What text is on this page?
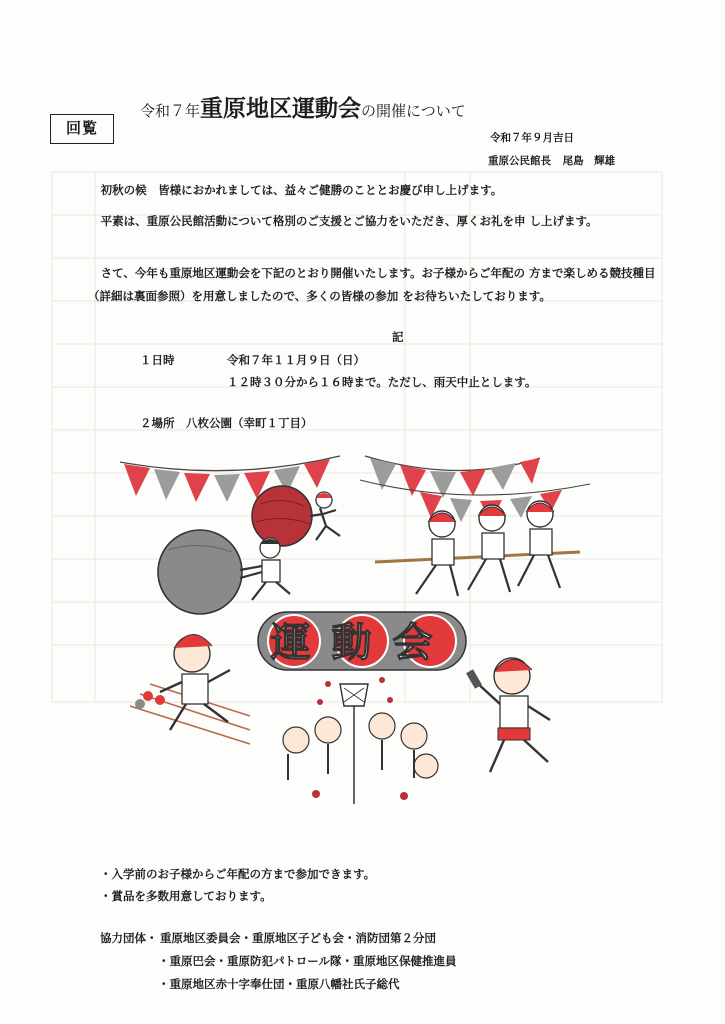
回覧
令和７年重原地区運動会の開催について
令和７年９月吉日
重原公民館長 尾島　輝雄
初秋の候　皆様におかれましては、益々ご健勝のこととお慶び申し上げます。
平素は、重原公民館活動について格別のご支援とご協力をいただき、厚くお礼を申 し上げます。
さて、今年も重原地区運動会を下記のとおり開催いたします。お子様からご年配の 方まで楽しめる競技種目（詳細は裏面参照）を用意しましたので、多くの皆様の参加 をお待ちいたしております。
記
１日時	令和７年１１月９日（日）
１２時３０分から１６時まで。ただし、雨天中止とします。
２場所 八枚公園（幸町１丁目）
運動会
・入学前のお子様からご年配の方まで参加できます。
・賞品を多数用意しております。
協力団体・ 重原地区委員会・重原地区子ども会・消防団第２分団
・重原巴会・重原防犯パトロール隊・重原地区保健推進員
・重原地区赤十字奉仕団・重原八幡社氏子総代
